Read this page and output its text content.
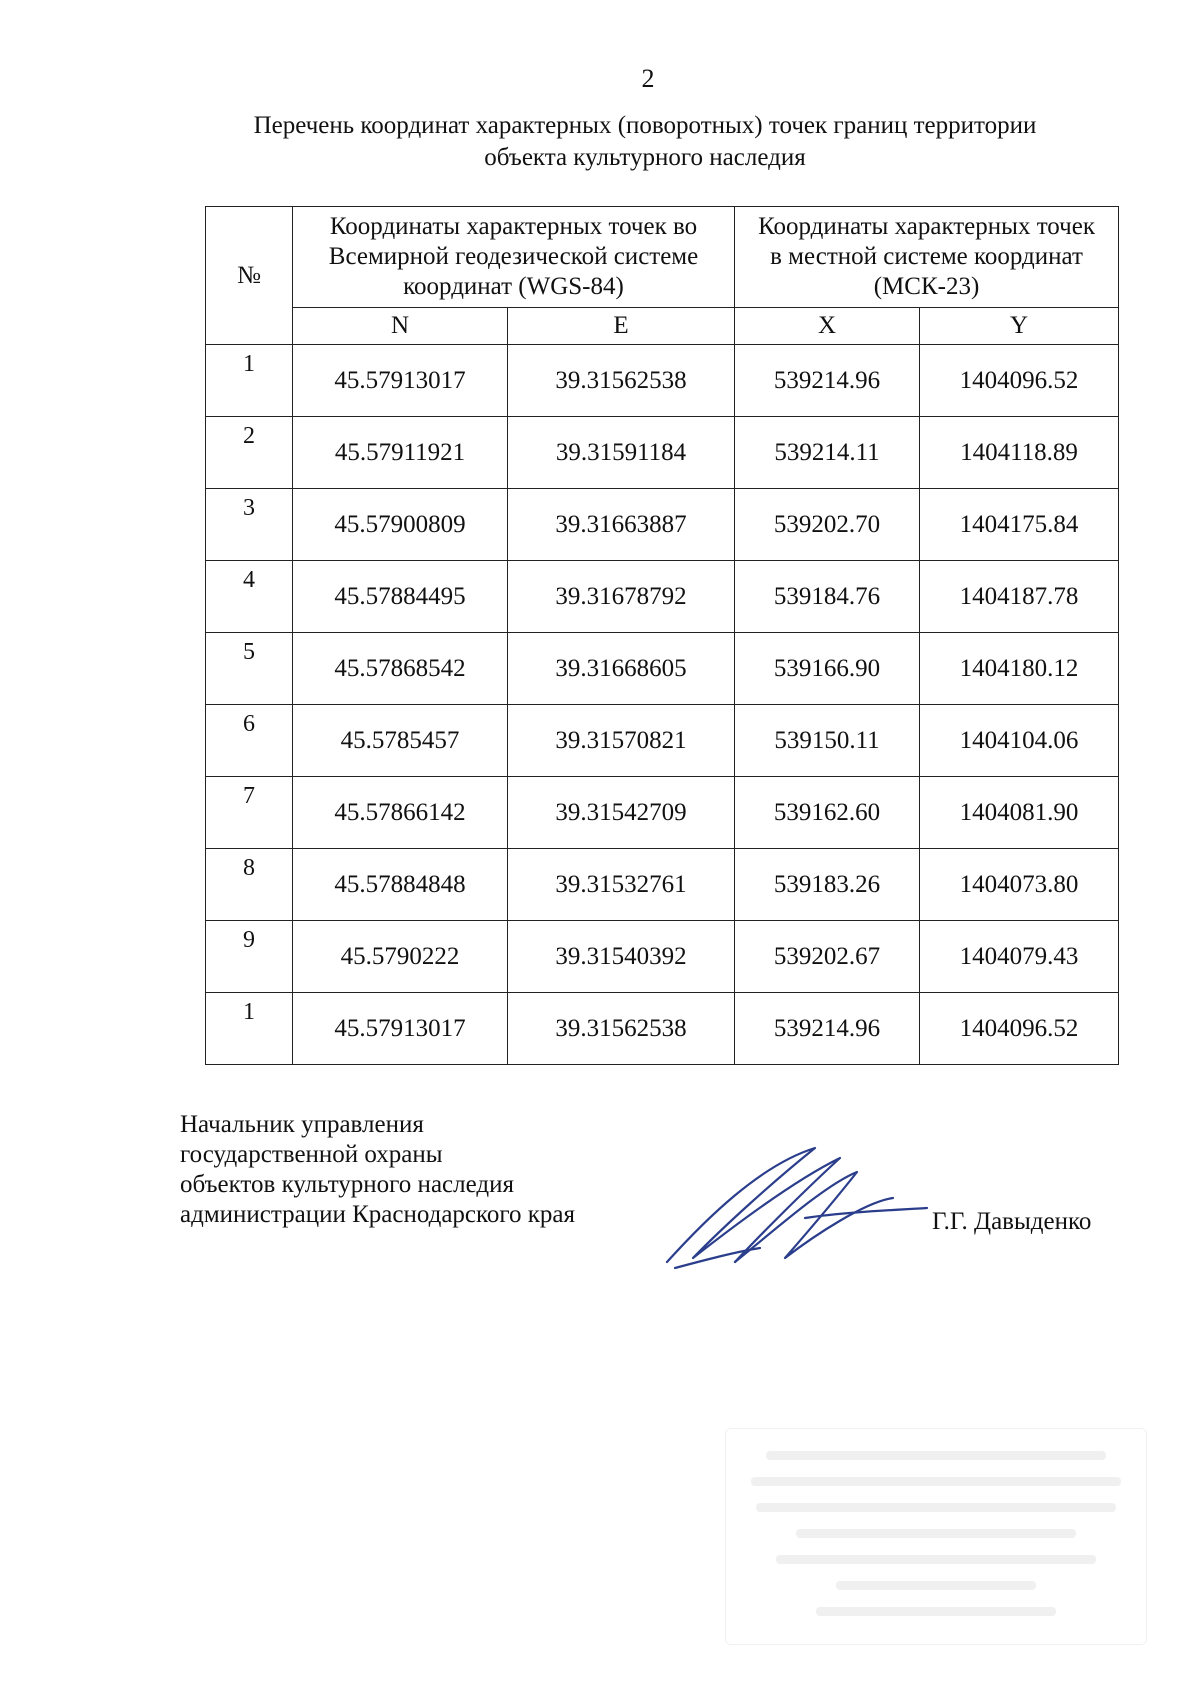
2
Перечень координат характерных (поворотных) точек границ территории
объекта культурного наследия
№	Координаты характерных точек во Всемирной геодезической системе координат (WGS-84)		Координаты характерных точек в местной системе координат (МСК-23)	
	N	E	X	Y
1	45.57913017	39.31562538	539214.96	1404096.52
2	45.57911921	39.31591184	539214.11	1404118.89
3	45.57900809	39.31663887	539202.70	1404175.84
4	45.57884495	39.31678792	539184.76	1404187.78
5	45.57868542	39.31668605	539166.90	1404180.12
6	45.5785457	39.31570821	539150.11	1404104.06
7	45.57866142	39.31542709	539162.60	1404081.90
8	45.57884848	39.31532761	539183.26	1404073.80
9	45.5790222	39.31540392	539202.67	1404079.43
1	45.57913017	39.31562538	539214.96	1404096.52
Начальник управления
государственной охраны
объектов культурного наследия
администрации Краснодарского края	Г.Г. Давыденко
